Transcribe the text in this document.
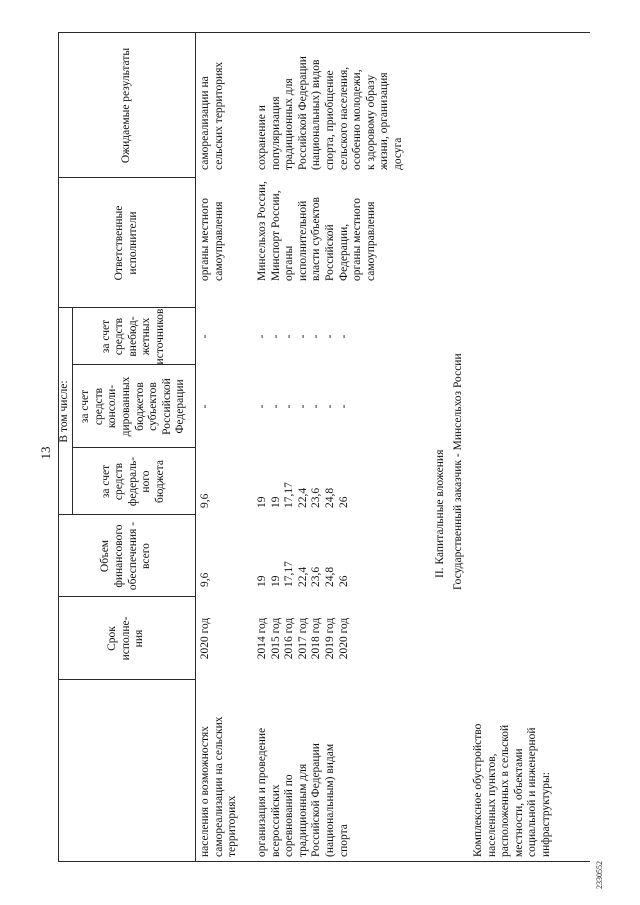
13
Срок
исполне-
ния
Объем
финансового
обеспечения -
всего
В том числе:
за счет
средств
федераль-
ного
бюджета
за счет
средств
консоли-
дированных
бюджетов
субъектов
Российской
Федерации
за счет
средств
внебюд-
жетных
источников
Ответственные
исполнители
Ожидаемые результаты
населения о возможностях
самореализации на сельских
территориях
2020 год
9,6
9,6
-
-
органы местного
самоуправления
самореализации на
сельских территориях
организация и проведение
всероссийских
соревнований по
традиционным для
Российской Федерации
(национальным) видам
спорта
2014 год
19
19
-
-
2015 год
19
19
-
-
2016 год
17,17
17,17
-
-
2017 год
22,4
22,4
-
-
2018 год
23,6
23,6
-
-
2019 год
24,8
24,8
-
-
2020 год
26
26
-
-
Минсельхоз России,
Минспорт России,
органы
исполнительной
власти субъектов
Российской
Федерации,
органы местного
самоуправления
сохранение и
популяризация
традиционных для
Российской Федерации
(национальных) видов
спорта, приобщение
сельского населения,
особенно молодежи,
к здоровому образу
жизни, организация
досуга
II. Капитальные вложения Государственный заказчик - Минсельхоз России
Комплексное обустройство
населенных пунктов,
расположенных в сельской
местности, объектами
социальной и инженерной
инфраструктуры:
2330552
